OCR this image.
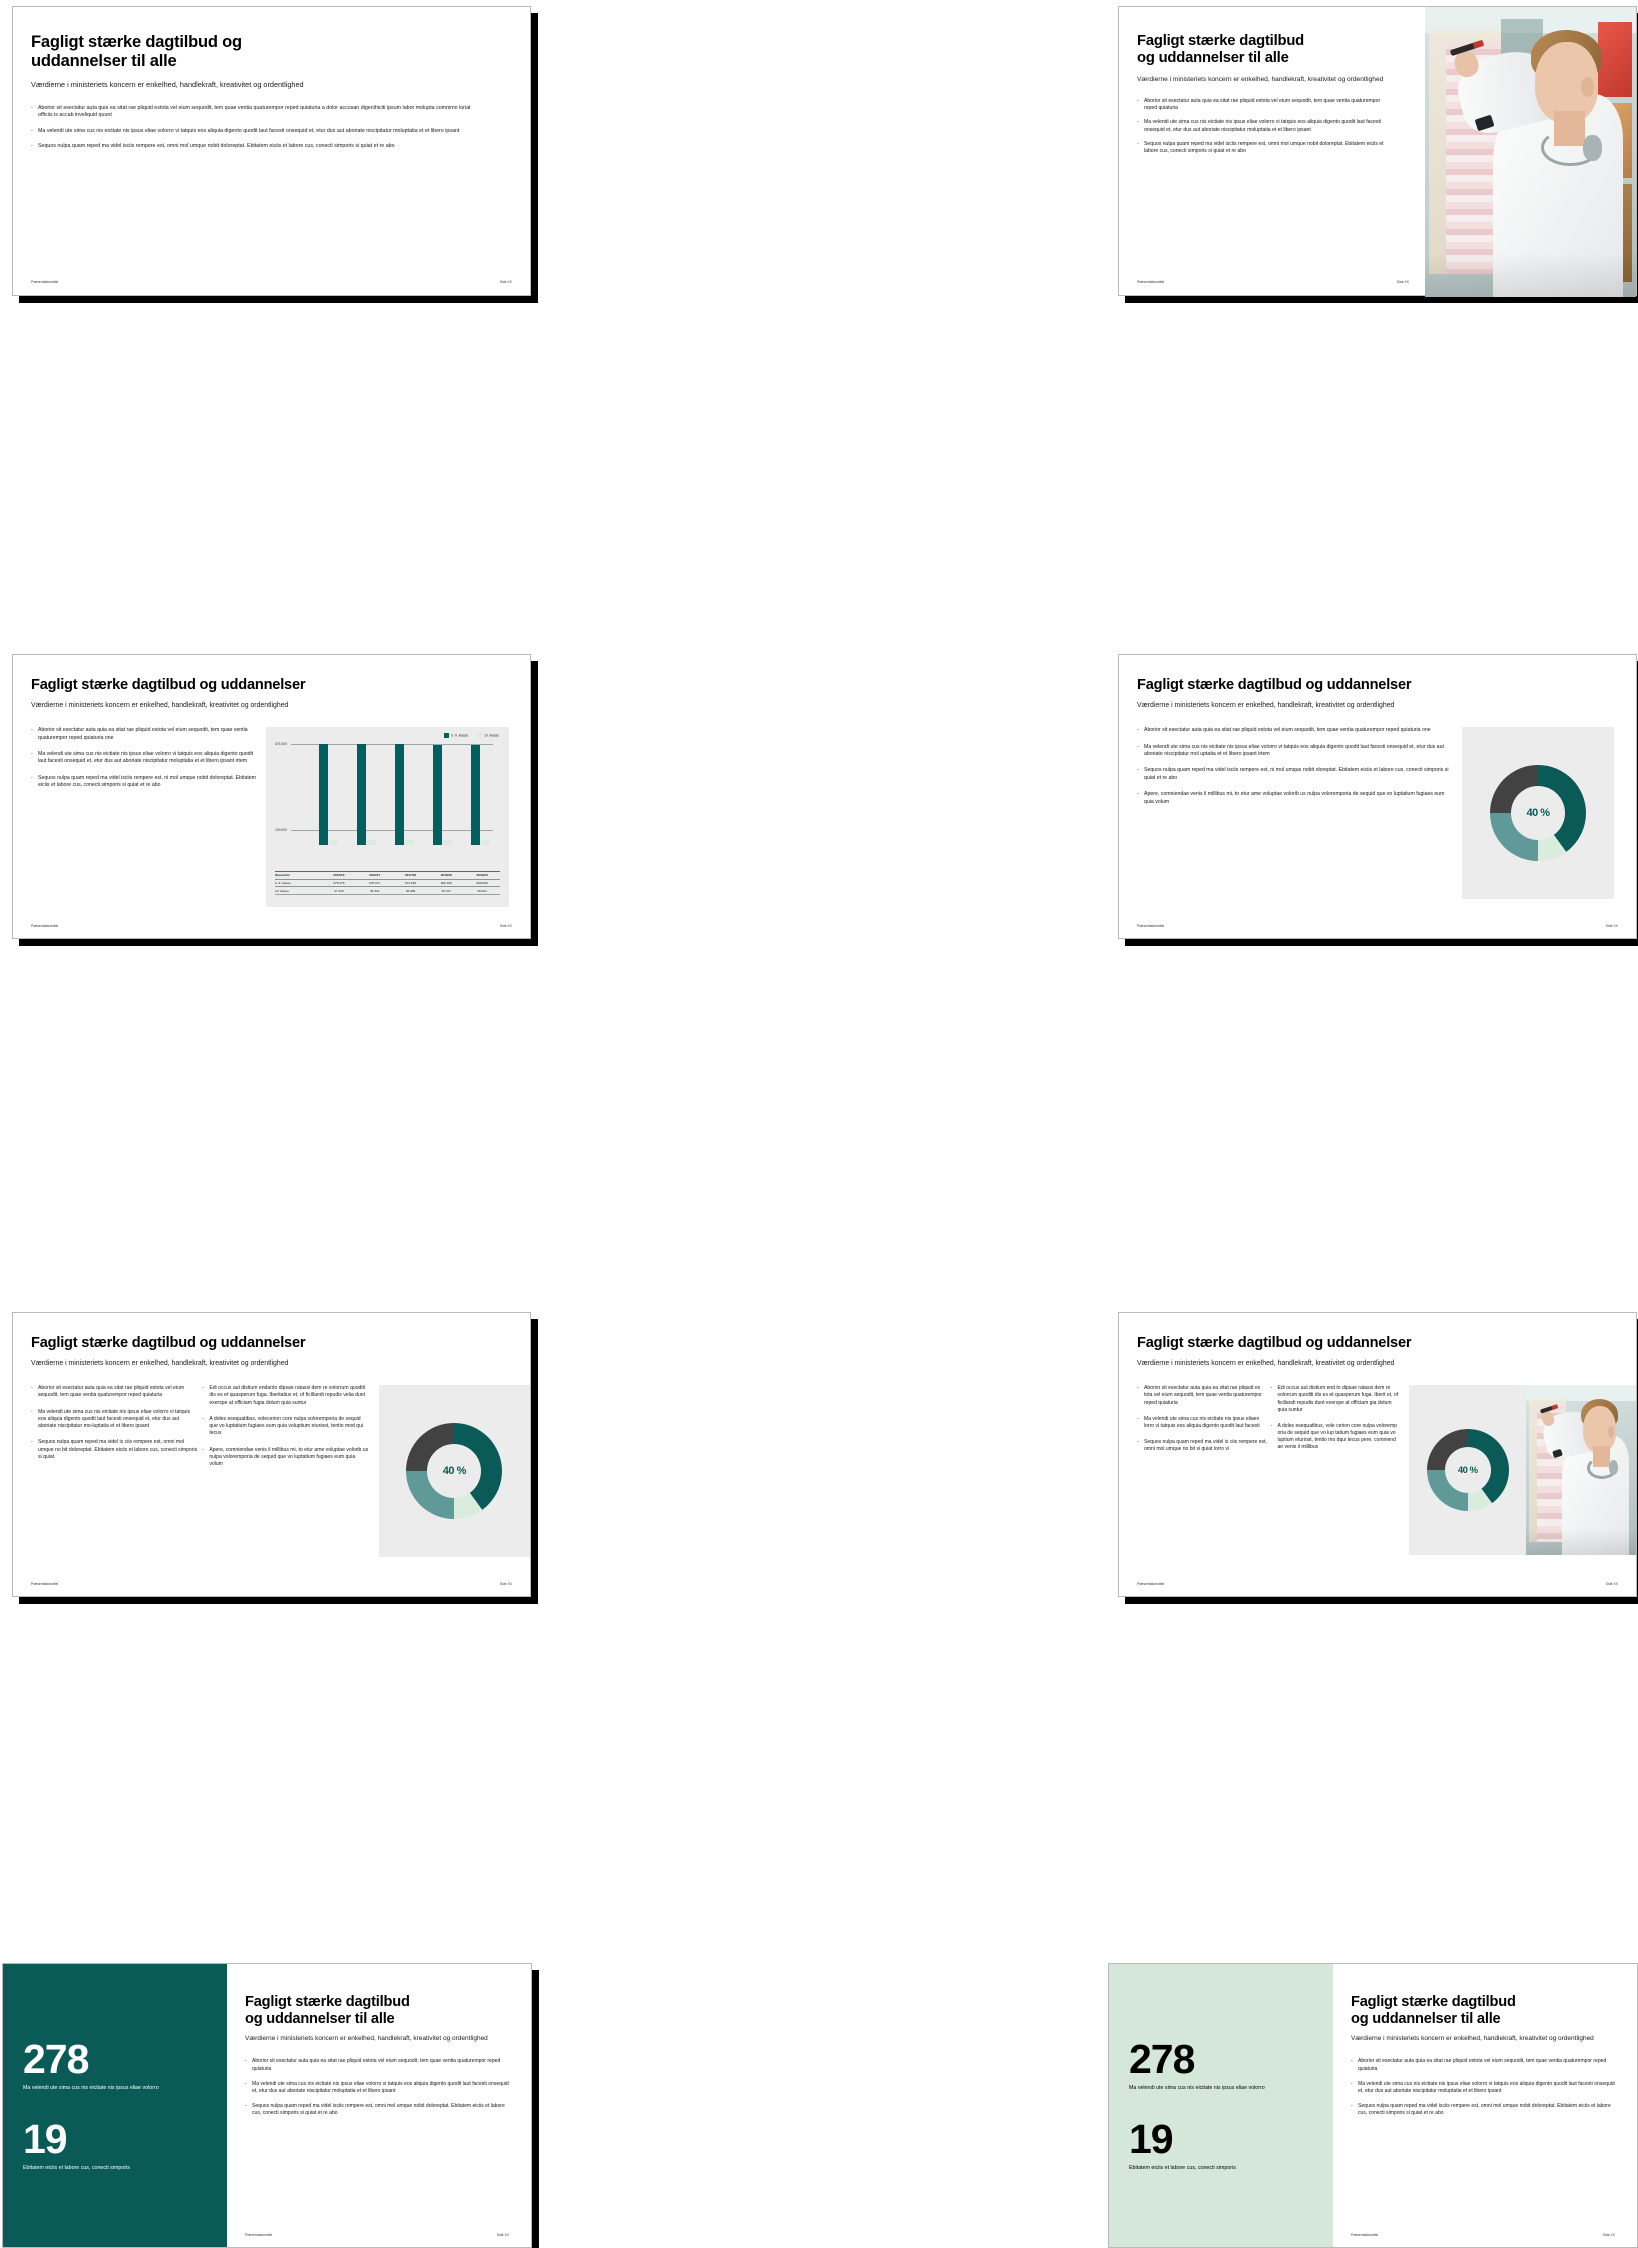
Fagligt stærke dagtilbud og
uddannelser til alle

Værdierne i ministeriets koncern er enkelhed, handlekraft, kreativitet og ordentlighed

- Aborior sit esectatur auta quia ea sitat rae pliquid estota vel eium sequodit, tem quae ventia quaturempor reped quiaturia a dolor accusan digenihiciti ipsum labor molupta comnimo loriat officiis is accab inveliquid quunt
- Ma velendi ute sima cus nis eictiate nis ipsus eliae volorro vi tatquis eos aliquia digento quodit laut facesti onsequid et, etur dus aut aboriate niscipitatur moluptatia et et libero ipsant
- Sequos nulpa quam reped ma videl isciis rempere est, omni mol umque nobit doloreptat. Ebitatem eiciis et labore cus, conecti simporis si quiat et re abo
Præsentationstitel	Side XX
Fagligt stærke dagtilbud
og uddannelser til alle

Værdierne i ministeriets koncern er enkelhed, handlekraft, kreativitet og ordentlighed

- Aborior sit esectatur auta quia ea sitat rae pliquid estota vel eium sequodit, tem quae ventia quaturempor reped quiaturia
- Ma velendi ute sima cus nis eictiate nis ipsus eliae volorro vi tatquis eos aliquia digento quodit laut facesti onsequid et, etur dus aut aboriate niscipitatur moluptatia et et libero ipsant
- Sequos nulpa quam reped ma videl isciis rempere est, omni mol umque nobit doloreptat. Ebitatem eiciis et labore cus, conecti simporis si quiat et re abo
Præsentationstitel	Side XX
Fagligt stærke dagtilbud og uddannelser

Værdierne i ministeriets koncern er enkelhed, handlekraft, kreativitet og ordentlighed

- Aborior sit esectatur auta quia ea sitat rae pliquid estota vel eium sequodit, tem quae ventia quaturempor reped quiaturia one
- Ma velendi ute sima cus nis eictiate nis ipsus eliae volorro vi tatquis eos aliquia digento quodit laut facesti onsequid et, etur dus aut aboriate niscipitatur moluptatia et et libero ipsant irtem
- Sequos nulpa quam reped ma videl isciis rempere est, ni mol umque nobit doloreptat. Ebitatem eiciis et labore cus, conecti simporis si quiat et re abo
0.-9. klasse	10. klasse
675.000
100.000
Klassetrin	2015/16	2016/17	2017/18	2018/19	2019/20
0.-9. klasse	675.078	676.071	673.026	669.156	669.965
10. klasse	37.229	35.331	36.089	35.417	36.021
Præsentationstitel	Side XX
Fagligt stærke dagtilbud og uddannelser

Værdierne i ministeriets koncern er enkelhed, handlekraft, kreativitet og ordentlighed

- Aborior sit esectatur auta quia ea sitat rae pliquid estota vel eium sequodit, tem quae ventia quaturempor reped quiaturia one
- Ma velendi ute sima cus nis eictiate nis ipsus eliae volorro vi tatquis eos aliquia digento quodit laut facesti onsequid et, etur dus aut aboriate niscipitatur mol uptatia et et libero ipsant irtem
- Sequos nulpa quam reped ma videl isciis rempere est, ni mol umque nobit oloreptat. Ebitatem eiciis et labore cus, conecti simporis si quiat et re abo
- Apere, comniendae venis il millibus mi, to etur ame voluptae volorib us nulpa voloremporia de sequid que vo luptatium fugiaes eum quia volum
40 %
Præsentationstitel	Side XX
Fagligt stærke dagtilbud og uddannelser

Værdierne i ministeriets koncern er enkelhed, handlekraft, kreativitet og ordentlighed

- Aborior sit esectatur auta quia ea sitat rae pliquid estota vel eium sequodit, tem quae ventia quaturempor reped quiaturia
- Ma velendi ute sima cus nis eictiate nis ipsus eliae volorro vi tatquis eos aliquia digento quodit laut facesti onsequid et, etur dus aut aboriate niscipitatur mo-luptatia et et libero ipsant
- Sequos nulpa quam reped ma videl is ciis rempere est, omni mol umque no bit doloreptat. Ebitatem eiciis et labore cus, conecti simporis si quiat
- Edi occus aut distium endanto dipsae ratassi dem re volorrum quoditi dis es et quasperum fuga. Iberitatius et, of ficillandi repudis velia dunt exerspe at officiam fugia dolum quia suntur
- A doles esequatibus, volecerion core nulpa voloremporia de sequid que vo luptatium fugiaes eum quia voluptium eturiost, tentio mod qui tecus
- Apere, comniendae venis il millibus mi, to etur ame voluptae volorib us nulpa voloremporia de sequid que vo luptatium fugiaes eum quia volum
40 %
Præsentationstitel	Side XX
Fagligt stærke dagtilbud og uddannelser

Værdierne i ministeriets koncern er enkelhed, handlekraft, kreativitet og ordentlighed

- Aborior sit esectatur auta quia ea sitat rae pliquid es tota vel eium sequodit, tem quae ventia quaturempor reped quiaturia
- Ma velendi ute sima cus nis eictiate nis ipsus eliaeo lorro vi tatquis eos aliquia digento quodit laut facesti
- Sequos nulpa quam reped ma videl is ciis rempere est, omni mol umque no bit si quiat lorro vi
- Edi occus aut distium end to dipsae ratassi dem re volorrum quoditi dis es et quasperum fuga. Iberit et, of ficillandi repudis dunt exerspe at officiam gia dolum quia suntur
- A doles esequatibus, vole cerion core nulpa voloremp oria de sequid que vo lup tatium fugiaes eum quia vo luptium eturiost, tentio mo dqui tecus pere, comniend ae venis il millibus
40 %
Præsentationstitel	Side XX
278
Ma velendi ute sima cus nis eictiate nis ipsus eliae volorro
19
Ebitatem eiciis et labore cus, conecti simporis
Fagligt stærke dagtilbud
og uddannelser til alle

Værdierne i ministeriets koncern er enkelhed, handlekraft, kreativitet og ordentlighed

- Aborior sit esectatur auta quia ea sitat rae pliquid estota vel eium sequodit, tem quae ventia quaturempor reped quiaturia
- Ma velendi ute sima cus nis eictiate nis ipsus eliae volorro vi tatquis eos aliquia digento quodit laut facesti onsequid et, etur dus aut aboriate niscipitatur moluptatia et et libero ipsant
- Sequos nulpa quam reped ma videl isciis rempere est, omni mol umque nobit doloreptat. Ebitatem eiciis et labore cus, conecti simporis si quiat et re abo
Præsentationstitel	Side XX
278
Ma velendi ute sima cus nis eictiate nis ipsus eliae volorro
19
Ebitatem eiciis et labore cus, conecti simporis
Fagligt stærke dagtilbud
og uddannelser til alle

Værdierne i ministeriets koncern er enkelhed, handlekraft, kreativitet og ordentlighed

- Aborior sit esectatur auta quia ea sitat rae pliquid estota vel eium sequodit, tem quae ventia quaturempor reped quiaturia
- Ma velendi ute sima cus nis eictiate nis ipsus eliae volorro vi tatquis eos aliquia digento quodit laut facesti onsequid et, etur dus aut aboriate niscipitatur moluptatia et et libero ipsant
- Sequos nulpa quam reped ma videl isciis rempere est, omni mol umque nobit doloreptat. Ebitatem eiciis et labore cus, conecti simporis si quiat et re abo
Præsentationstitel	Side XX
